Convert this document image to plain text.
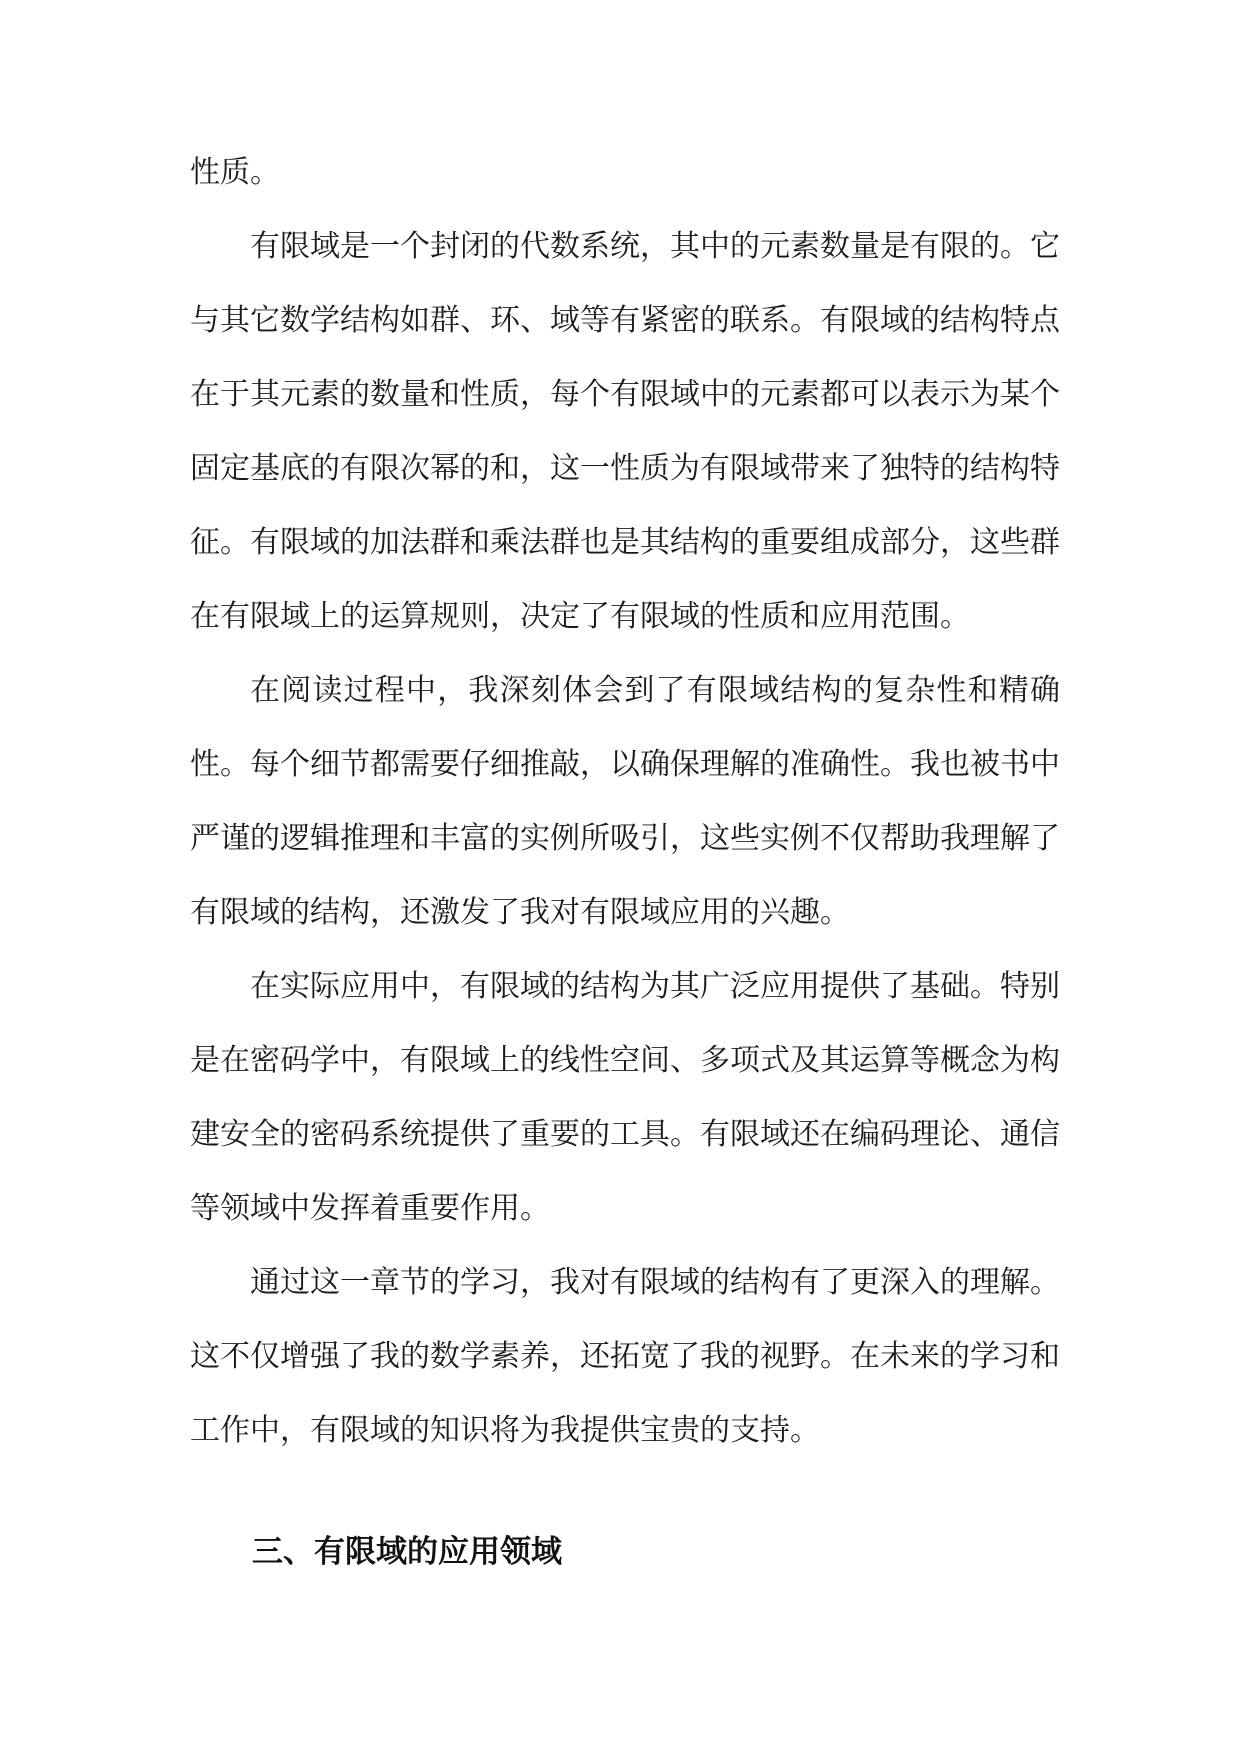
性质。

有限域是一个封闭的代数系统，其中的元素数量是有限的。它与其它数学结构如群、环、域等有紧密的联系。有限域的结构特点在于其元素的数量和性质，每个有限域中的元素都可以表示为某个固定基底的有限次幂的和，这一性质为有限域带来了独特的结构特征。有限域的加法群和乘法群也是其结构的重要组成部分，这些群在有限域上的运算规则，决定了有限域的性质和应用范围。

在阅读过程中，我深刻体会到了有限域结构的复杂性和精确性。每个细节都需要仔细推敲，以确保理解的准确性。我也被书中严谨的逻辑推理和丰富的实例所吸引，这些实例不仅帮助我理解了有限域的结构，还激发了我对有限域应用的兴趣。

在实际应用中，有限域的结构为其广泛应用提供了基础。特别是在密码学中，有限域上的线性空间、多项式及其运算等概念为构建安全的密码系统提供了重要的工具。有限域还在编码理论、通信等领域中发挥着重要作用。

通过这一章节的学习，我对有限域的结构有了更深入的理解。这不仅增强了我的数学素养，还拓宽了我的视野。在未来的学习和工作中，有限域的知识将为我提供宝贵的支持。

三、有限域的应用领域
